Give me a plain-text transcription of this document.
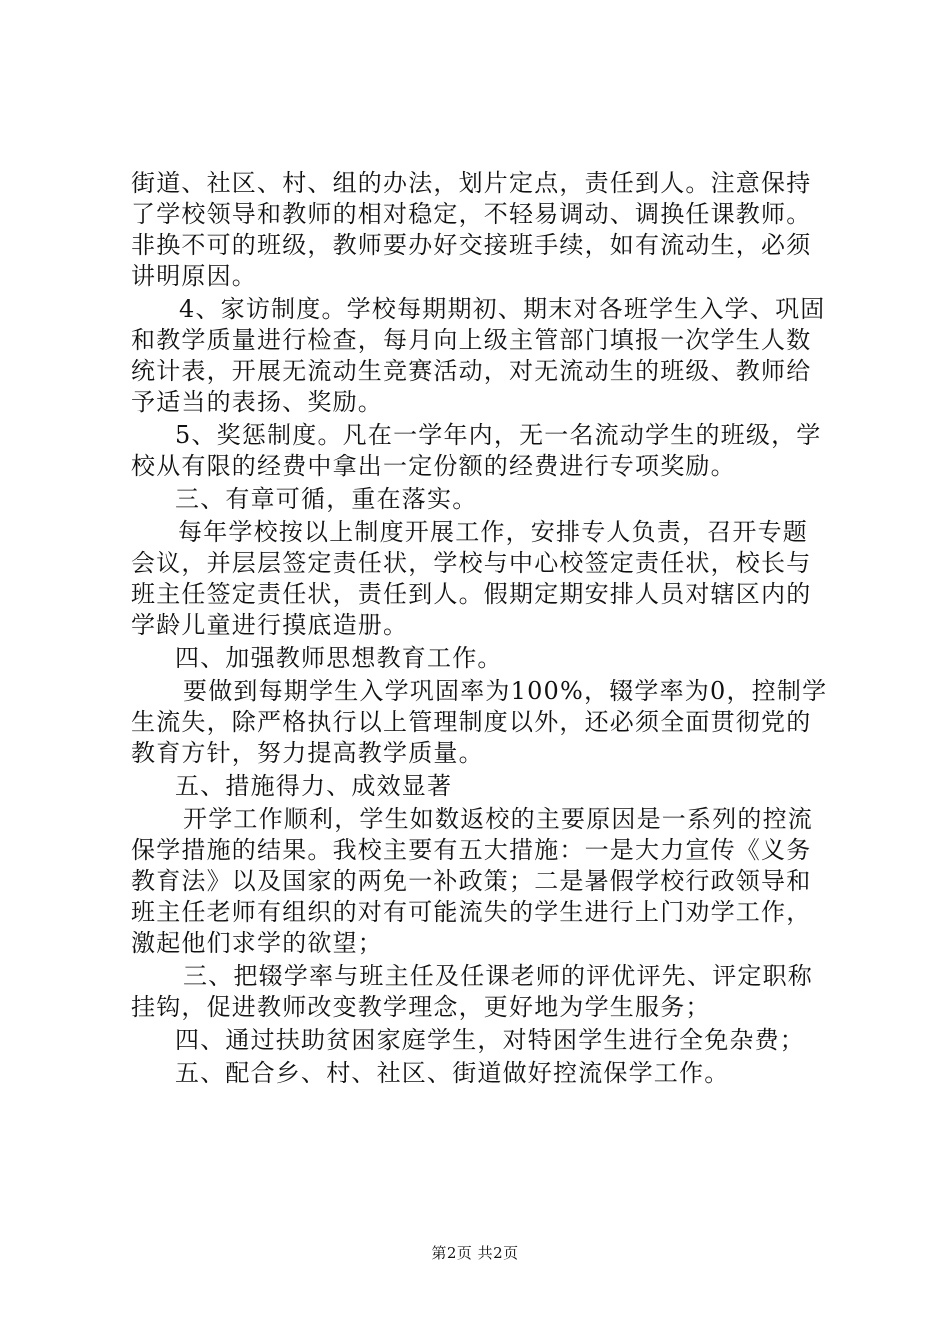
街道、社区、村、组的办法，划片定点，责任到人。注意保持
了学校领导和教师的相对稳定，不轻易调动、调换任课教师。
非换不可的班级，教师要办好交接班手续，如有流动生，必须
讲明原因。
4、家访制度。学校每期期初、期末对各班学生入学、巩固
和教学质量进行检查，每月向上级主管部门填报一次学生人数
统计表，开展无流动生竞赛活动，对无流动生的班级、教师给
予适当的表扬、奖励。
5、奖惩制度。凡在一学年内，无一名流动学生的班级，学
校从有限的经费中拿出一定份额的经费进行专项奖励。
三、有章可循，重在落实。
每年学校按以上制度开展工作，安排专人负责，召开专题
会议，并层层签定责任状，学校与中心校签定责任状，校长与
班主任签定责任状，责任到人。假期定期安排人员对辖区内的
学龄儿童进行摸底造册。
四、加强教师思想教育工作。
要做到每期学生入学巩固率为100%，辍学率为0，控制学
生流失，除严格执行以上管理制度以外，还必须全面贯彻党的
教育方针，努力提高教学质量。
五、措施得力、成效显著
开学工作顺利，学生如数返校的主要原因是一系列的控流
保学措施的结果。我校主要有五大措施：一是大力宣传《义务
教育法》以及国家的两免一补政策；二是暑假学校行政领导和
班主任老师有组织的对有可能流失的学生进行上门劝学工作，
激起他们求学的欲望；
三、把辍学率与班主任及任课老师的评优评先、评定职称
挂钩，促进教师改变教学理念，更好地为学生服务；
四、通过扶助贫困家庭学生，对特困学生进行全免杂费；
五、配合乡、村、社区、街道做好控流保学工作。
第2页 共2页
